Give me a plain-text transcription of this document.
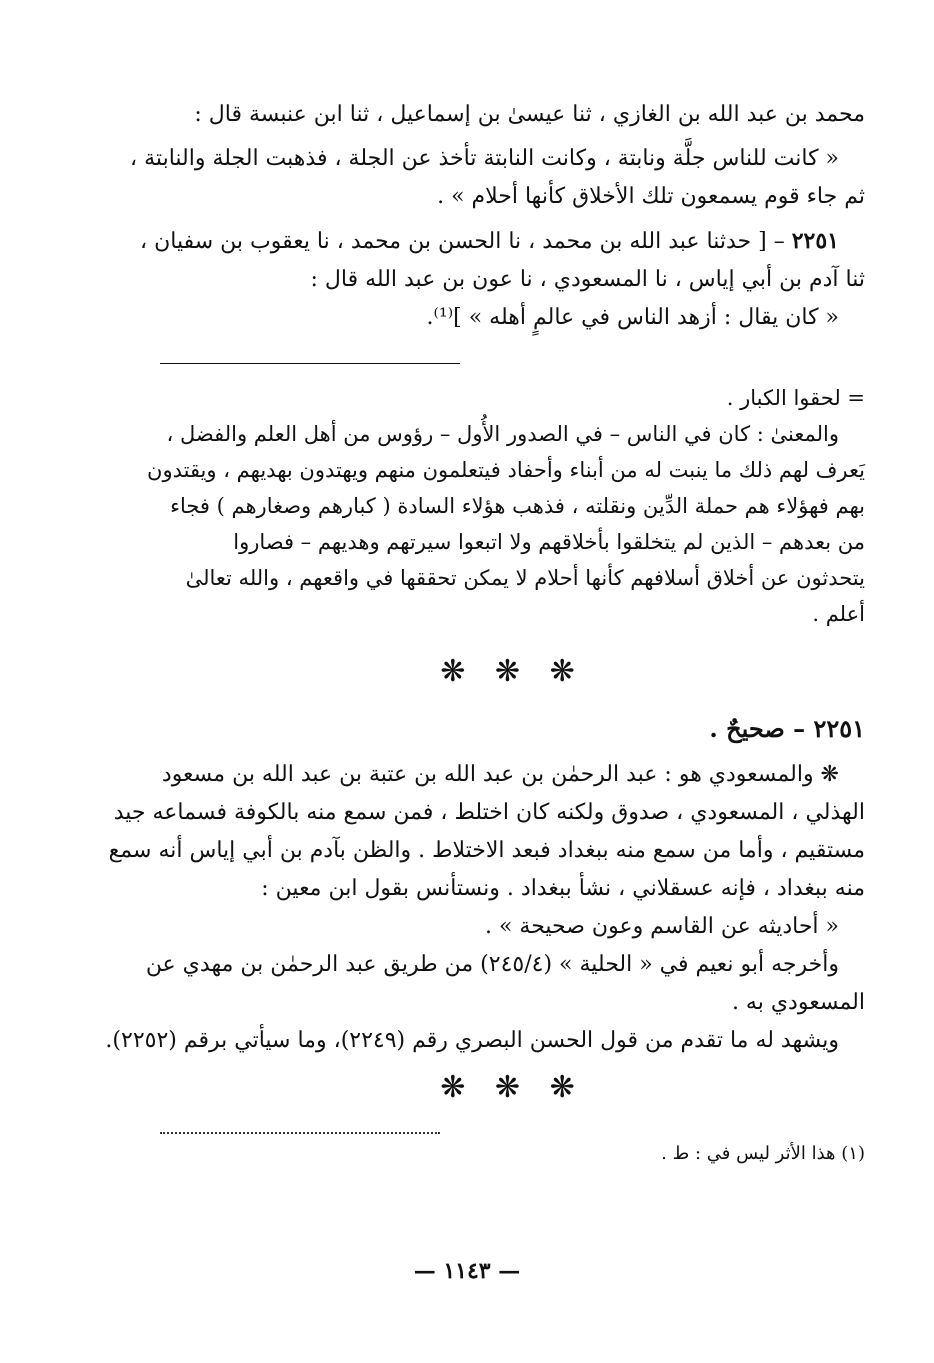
محمد بن عبد الله بن الغازي ، ثنا عيسىٰ بن إسماعيل ، ثنا ابن عنبسة قال :
« كانت للناس جلَّة ونابتة ، وكانت النابتة تأخذ عن الجلة ، فذهبت الجلة والنابتة ،
ثم جاء قوم يسمعون تلك الأخلاق كأنها أحلام » .
٢٢٥١ – [ حدثنا عبد الله بن محمد ، نا الحسن بن محمد ، نا يعقوب بن سفيان ،
ثنا آدم بن أبي إياس ، نا المسعودي ، نا عون بن عبد الله قال :
« كان يقال : أزهد الناس في عالمٍ أهله » ]⁽¹⁾.
= لحقوا الكبار .
والمعنىٰ : كان في الناس – في الصدور الأُول – رؤوس من أهل العلم والفضل ،
يَعرف لهم ذلك ما ينبت له من أبناء وأحفاد فيتعلمون منهم ويهتدون بهديهم ، ويقتدون
بهم فهؤلاء هم حملة الدِّين ونقلته ، فذهب هؤلاء السادة ( كبارهم وصغارهم ) فجاء
من بعدهم – الذين لم يتخلقوا بأخلاقهم ولا اتبعوا سيرتهم وهديهم – فصاروا
يتحدثون عن أخلاق أسلافهم كأنها أحلام لا يمكن تحققها في واقعهم ، والله تعالىٰ
أعلم .
❋ ❋ ❋
٢٢٥١ – صحيحٌ .
❋ والمسعودي هو : عبد الرحمٰن بن عبد الله بن عتبة بن عبد الله بن مسعود
الهذلي ، المسعودي ، صدوق ولكنه كان اختلط ، فمن سمع منه بالكوفة فسماعه جيد
مستقيم ، وأما من سمع منه ببغداد فبعد الاختلاط . والظن بآدم بن أبي إياس أنه سمع
منه ببغداد ، فإنه عسقلاني ، نشأ ببغداد . ونستأنس بقول ابن معين :
« أحاديثه عن القاسم وعون صحيحة » .
وأخرجه أبو نعيم في « الحلية » (٢٤٥/٤) من طريق عبد الرحمٰن بن مهدي عن
المسعودي به .
ويشهد له ما تقدم من قول الحسن البصري رقم (٢٢٤٩)، وما سيأتي برقم (٢٢٥٢).
❋ ❋ ❋
(١) هذا الأثر ليس في : ط .
— ١١٤٣ —
